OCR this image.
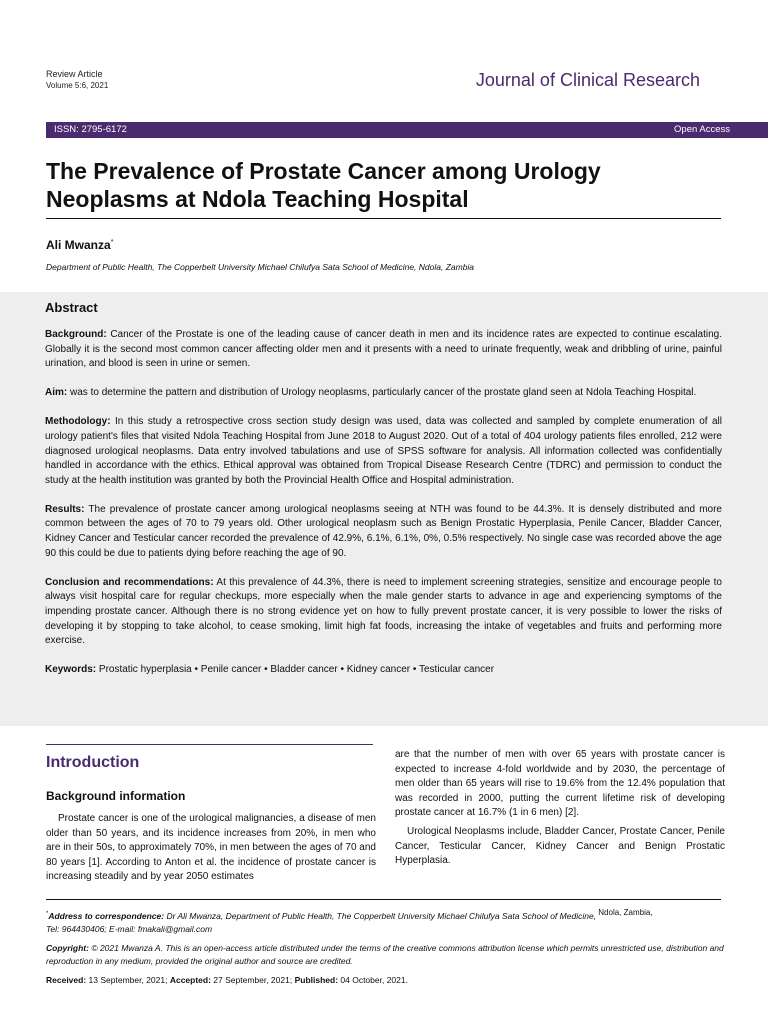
Review Article
Volume 5:6, 2021	Journal of Clinical Research
ISSN: 2795-6172	Open Access
The Prevalence of Prostate Cancer among Urology Neoplasms at Ndola Teaching Hospital
Ali Mwanza*
Department of Public Health, The Copperbelt University Michael Chilufya Sata School of Medicine, Ndola, Zambia
Abstract

Background: Cancer of the Prostate is one of the leading cause of cancer death in men and its incidence rates are expected to continue escalating. Globally it is the second most common cancer affecting older men and it presents with a need to urinate frequently, weak and dribbling of urine, painful urination, and blood is seen in urine or semen.

Aim: was to determine the pattern and distribution of Urology neoplasms, particularly cancer of the prostate gland seen at Ndola Teaching Hospital.

Methodology: In this study a retrospective cross section study design was used, data was collected and sampled by complete enumeration of all urology patient's files that visited Ndola Teaching Hospital from June 2018 to August 2020. Out of a total of 404 urology patients files enrolled, 212 were diagnosed urological neoplasms. Data entry involved tabulations and use of SPSS software for analysis. All information collected was confidentially handled in accordance with the ethics. Ethical approval was obtained from Tropical Disease Research Centre (TDRC) and permission to conduct the study at the health institution was granted by both the Provincial Health Office and Hospital administration.

Results: The prevalence of prostate cancer among urological neoplasms seeing at NTH was found to be 44.3%. It is densely distributed and more common between the ages of 70 to 79 years old. Other urological neoplasm such as Benign Prostatic Hyperplasia, Penile Cancer, Bladder Cancer, Kidney Cancer and Testicular cancer recorded the prevalence of 42.9%, 6.1%, 6.1%, 0%, 0.5% respectively. No single case was recorded above the age 90 this could be due to patients dying before reaching the age of 90.

Conclusion and recommendations: At this prevalence of 44.3%, there is need to implement screening strategies, sensitize and encourage people to always visit hospital care for regular checkups, more especially when the male gender starts to advance in age and experiencing symptoms of the impending prostate cancer. Although there is no strong evidence yet on how to fully prevent prostate cancer, it is very possible to lower the risks of developing it by stopping to take alcohol, to cease smoking, limit high fat foods, increasing the intake of vegetables and fruits and performing more exercise.

Keywords: Prostatic hyperplasia • Penile cancer • Bladder cancer • Kidney cancer • Testicular cancer

Introduction
Background information

Prostate cancer is one of the urological malignancies, a disease of men older than 50 years, and its incidence increases from 20%, in men who are in their 50s, to approximately 70%, in men between the ages of 70 and 80 years [1]. According to Anton et al. the incidence of prostate cancer is increasing steadily and by year 2050 estimates

are that the number of men with over 65 years with prostate cancer is expected to increase 4-fold worldwide and by 2030, the percentage of men older than 65 years will rise to 19.6% from the 12.4% population that was recorded in 2000, putting the current lifetime risk of developing prostate cancer at 16.7% (1 in 6 men) [2].

Urological Neoplasms include, Bladder Cancer, Prostate Cancer, Penile Cancer, Testicular Cancer, Kidney Cancer and Benign Prostatic Hyperplasia.

*Address to correspondence: Dr Ali Mwanza, Department of Public Health, The Copperbelt University Michael Chilufya Sata School of Medicine, $^{Ndola, Zambia,}$
Tel: 964430406; E-mail: fmakali@gmail.com
Copyright: © 2021 Mwanza A. This is an open-access article distributed under the terms of the creative commons attribution license which permits unrestricted use, distribution and reproduction in any medium, provided the original author and source are credited.
Received: 13 September, 2021; Accepted: 27 September, 2021; Published: 04 October, 2021.
